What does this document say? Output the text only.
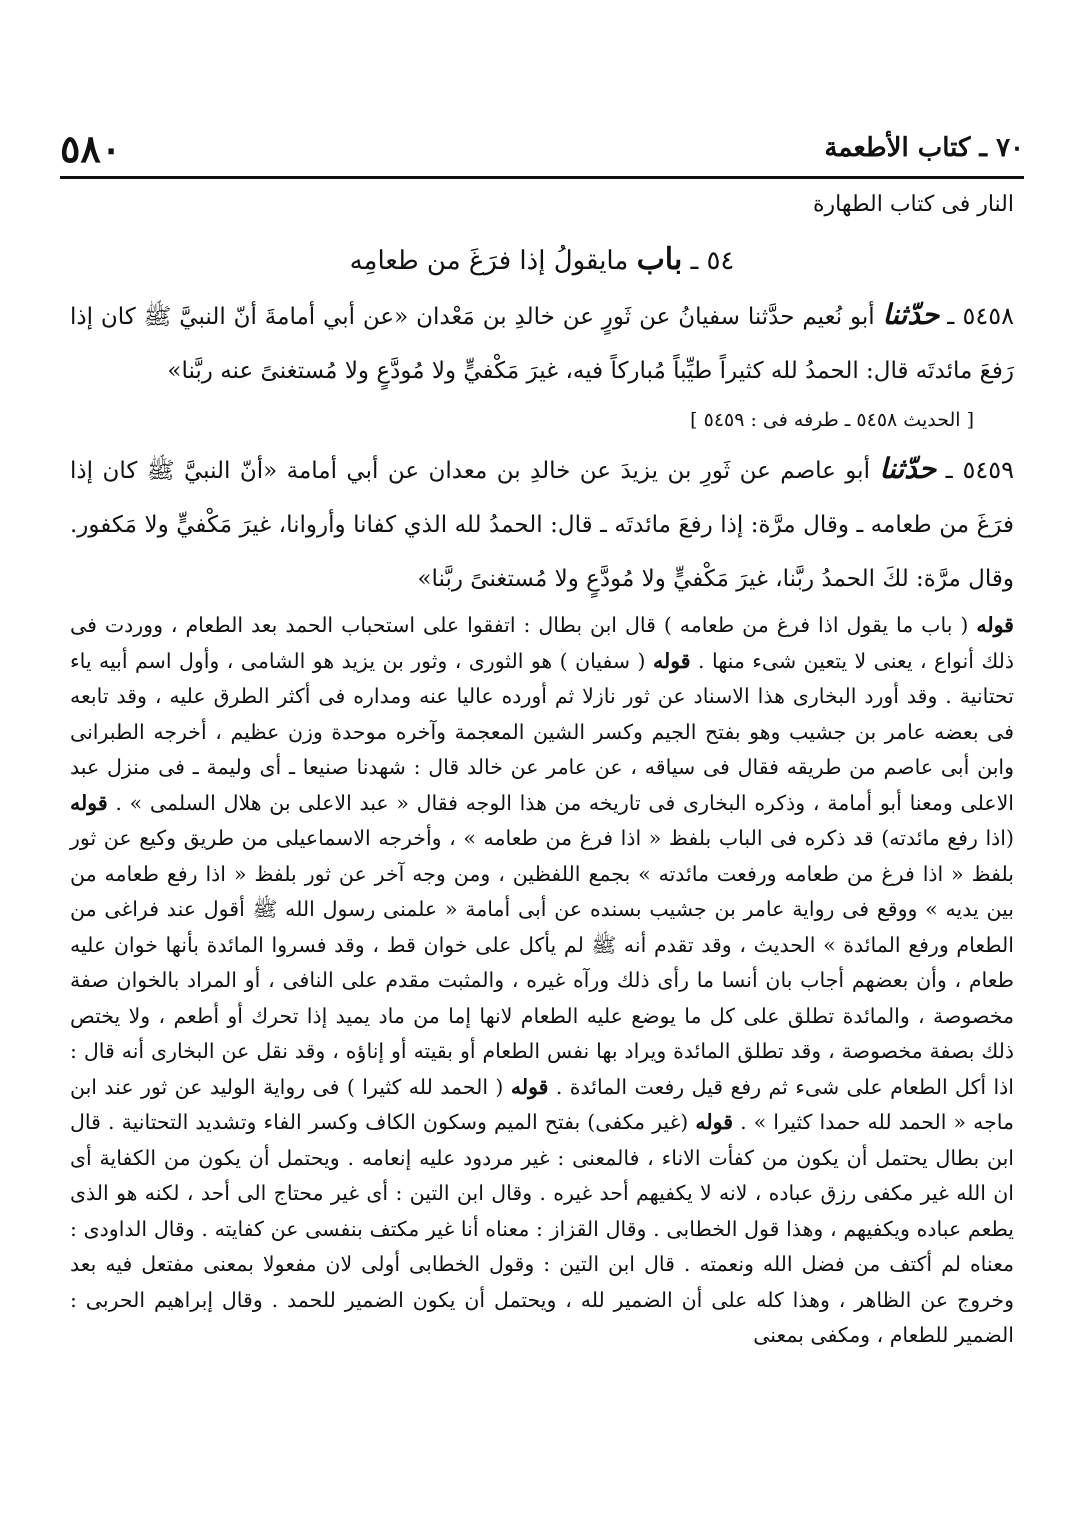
٥٨٠	٧٠ ـ كتاب الأطعمة
النار فى كتاب الطهارة
٥٤ ـ باب مايقولُ إذا فرَغَ من طعامِه
٥٤٥٨ ـ حدّثنا أبو نُعيم حدَّثنا سفيانُ عن ثَورٍ عن خالدِ بن مَعْدان «عن أبي أمامةَ أنّ النبيَّ ﷺ كان إذا رَفعَ مائدتَه قال: الحمدُ لله كثيراً طيِّباً مُباركاً فيه، غيرَ مَكْفيٍّ ولا مُودَّعٍ ولا مُستغنىً عنه ربَّنا»
[ الحديث ٥٤٥٨ ـ طرفه فى : ٥٤٥٩ ]
٥٤٥٩ ـ حدّثنا أبو عاصم عن ثَورِ بن يزيدَ عن خالدِ بن معدان عن أبي أمامة «أنّ النبيَّ ﷺ كان إذا فرَغَ من طعامه ـ وقال مرَّة: إذا رفعَ مائدتَه ـ قال: الحمدُ لله الذي كفانا وأروانا، غيرَ مَكْفيٍّ ولا مَكفور. وقال مرَّة: لكَ الحمدُ ربَّنا، غيرَ مَكْفيٍّ ولا مُودَّعٍ ولا مُستغنىً ربَّنا»

قوله ( باب ما يقول اذا فرغ من طعامه ) قال ابن بطال : اتفقوا على استحباب الحمد بعد الطعام ، ووردت فى ذلك أنواع ، يعنى لا يتعين شىء منها . قوله ( سفيان ) هو الثورى ، وثور بن يزيد هو الشامى ، وأول اسم أبيه ياء تحتانية . وقد أورد البخارى هذا الاسناد عن ثور نازلا ثم أورده عاليا عنه ومداره فى أكثر الطرق عليه ، وقد تابعه فى بعضه عامر بن جشيب وهو بفتح الجيم وكسر الشين المعجمة وآخره موحدة وزن عظيم ، أخرجه الطبرانى وابن أبى عاصم من طريقه فقال فى سياقه ، عن عامر عن خالد قال : شهدنا صنيعا ـ أى وليمة ـ فى منزل عبد الاعلى ومعنا أبو أمامة ، وذكره البخارى فى تاريخه من هذا الوجه فقال « عبد الاعلى بن هلال السلمى » . قوله (اذا رفع مائدته) قد ذكره فى الباب بلفظ « اذا فرغ من طعامه » ، وأخرجه الاسماعيلى من طريق وكيع عن ثور بلفظ « اذا فرغ من طعامه ورفعت مائدته » بجمع اللفظين ، ومن وجه آخر عن ثور بلفظ « اذا رفع طعامه من بين يديه » ووقع فى رواية عامر بن جشيب بسنده عن أبى أمامة « علمنى رسول الله ﷺ أقول عند فراغى من الطعام ورفع المائدة » الحديث ، وقد تقدم أنه ﷺ لم يأكل على خوان قط ، وقد فسروا المائدة بأنها خوان عليه طعام ، وأن بعضهم أجاب بان أنسا ما رأى ذلك ورآه غيره ، والمثبت مقدم على النافى ، أو المراد بالخوان صفة مخصوصة ، والمائدة تطلق على كل ما يوضع عليه الطعام لانها إما من ماد يميد إذا تحرك أو أطعم ، ولا يختص ذلك بصفة مخصوصة ، وقد تطلق المائدة ويراد بها نفس الطعام أو بقيته أو إناؤه ، وقد نقل عن البخارى أنه قال : اذا أكل الطعام على شىء ثم رفع قيل رفعت المائدة . قوله ( الحمد لله كثيرا ) فى رواية الوليد عن ثور عند ابن ماجه « الحمد لله حمدا كثيرا » . قوله (غير مكفى) بفتح الميم وسكون الكاف وكسر الفاء وتشديد التحتانية . قال ابن بطال يحتمل أن يكون من كفأت الاناء ، فالمعنى : غير مردود عليه إنعامه . ويحتمل أن يكون من الكفاية أى ان الله غير مكفى رزق عباده ، لانه لا يكفيهم أحد غيره . وقال ابن التين : أى غير محتاج الى أحد ، لكنه هو الذى يطعم عباده ويكفيهم ، وهذا قول الخطابى . وقال القزاز : معناه أنا غير مكتف بنفسى عن كفايته . وقال الداودى : معناه لم أكتف من فضل الله ونعمته . قال ابن التين : وقول الخطابى أولى لان مفعولا بمعنى مفتعل فيه بعد وخروج عن الظاهر ، وهذا كله على أن الضمير لله ، ويحتمل أن يكون الضمير للحمد . وقال إبراهيم الحربى : الضمير للطعام ، ومكفى بمعنى
